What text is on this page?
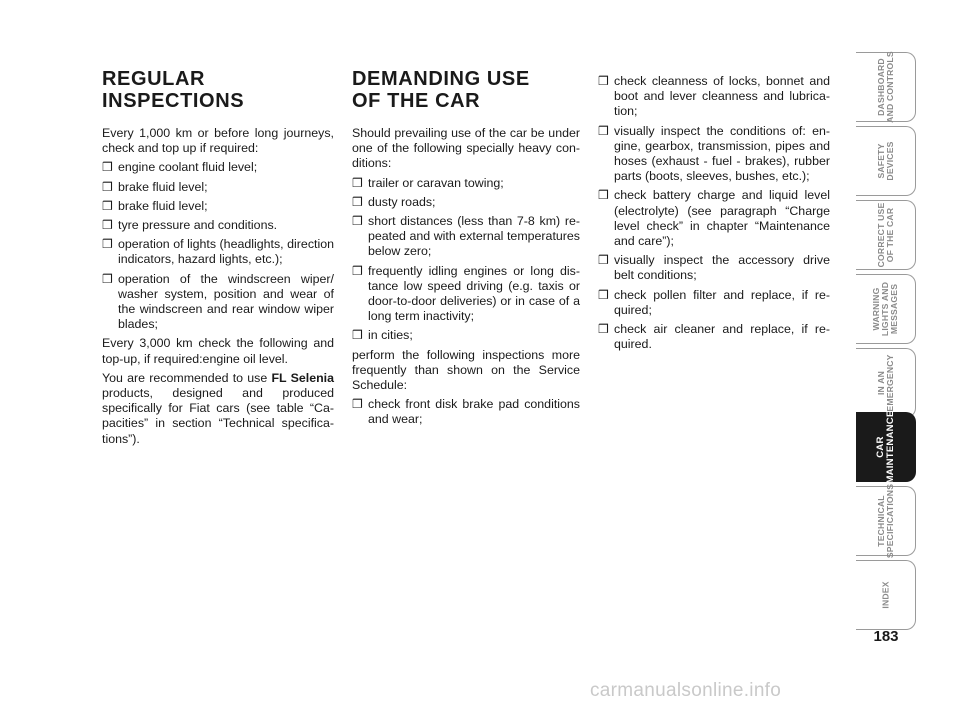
REGULAR
INSPECTIONS

Every 1,000 km or before long journeys, check and top up if required:

❒ engine coolant fluid level;
❒ brake fluid level;
❒ brake fluid level;
❒ tyre pressure and conditions.
❒ operation of lights (headlights, direction indicators, hazard lights, etc.);
❒ operation of the windscreen wiper/ washer system, position and wear of the windscreen and rear window wiper blades;

Every 3,000 km check the following and top-up, if required:engine oil level.

You are recommended to use FL Selenia products, designed and produced specifically for Fiat cars (see table “Ca- pacities” in section “Technical specifica- tions”).

DEMANDING USE
OF THE CAR

Should prevailing use of the car be under one of the following specially heavy con- ditions:

❒ trailer or caravan towing;
❒ dusty roads;
❒ short distances (less than 7-8 km) re- peated and with external temperatures below zero;
❒ frequently idling engines or long dis- tance low speed driving (e.g. taxis or door-to-door deliveries) or in case of a long term inactivity;
❒ in cities;

perform the following inspections more frequently than shown on the Service Schedule:

❒ check front disk brake pad conditions and wear;
❒ check cleanness of locks, bonnet and boot and lever cleanness and lubrica- tion;
❒ visually inspect the conditions of: en- gine, gearbox, transmission, pipes and hoses (exhaust - fuel - brakes), rubber parts (boots, sleeves, bushes, etc.);
❒ check battery charge and liquid level (electrolyte) (see paragraph “Charge level check” in chapter “Maintenance and care”);
❒ visually inspect the accessory drive belt conditions;
❒ check pollen filter and replace, if re- quired;
❒ check air cleaner and replace, if re- quired.
DASHBOARD
AND CONTROLS
SAFETY
DEVICES
CORRECT USE
OF THE CAR
WARNING
LIGHTS AND
MESSAGES
IN AN
EMERGENCY
CAR
MAINTENANCE
TECHNICAL
SPECIFICATIONS
INDEX
183
carmanualsonline.info
